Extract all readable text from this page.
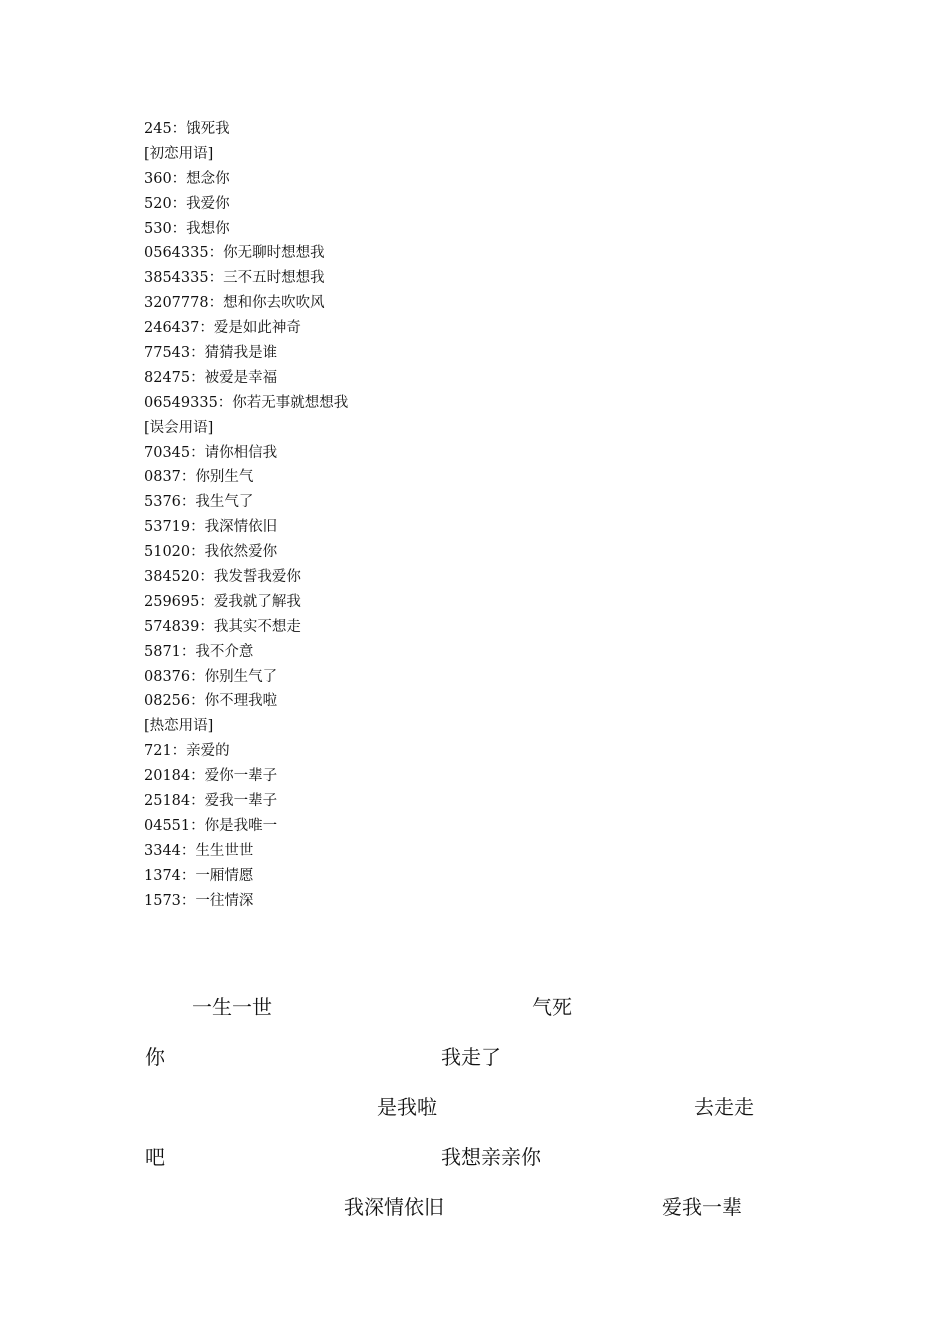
245：饿死我
[初恋用语]
360：想念你
520：我爱你
530：我想你
0564335：你无聊时想想我
3854335：三不五时想想我
3207778：想和你去吹吹风
246437：爱是如此神奇
77543：猜猜我是谁
82475：被爱是幸福
06549335：你若无事就想想我
[误会用语]
70345：请你相信我
0837：你别生气
5376：我生气了
53719：我深情依旧
51020：我依然爱你
384520：我发誓我爱你
259695：爱我就了解我
574839：我其实不想走
5871：我不介意
08376：你别生气了
08256：你不理我啦
[热恋用语]
721：亲爱的
20184：爱你一辈子
25184：爱我一辈子
04551：你是我唯一
3344：生生世世
1374：一厢情愿
1573：一往情深
一生一世	气死
你	我走了
是我啦	去走走
吧	我想亲亲你
我深情依旧	爱我一辈
